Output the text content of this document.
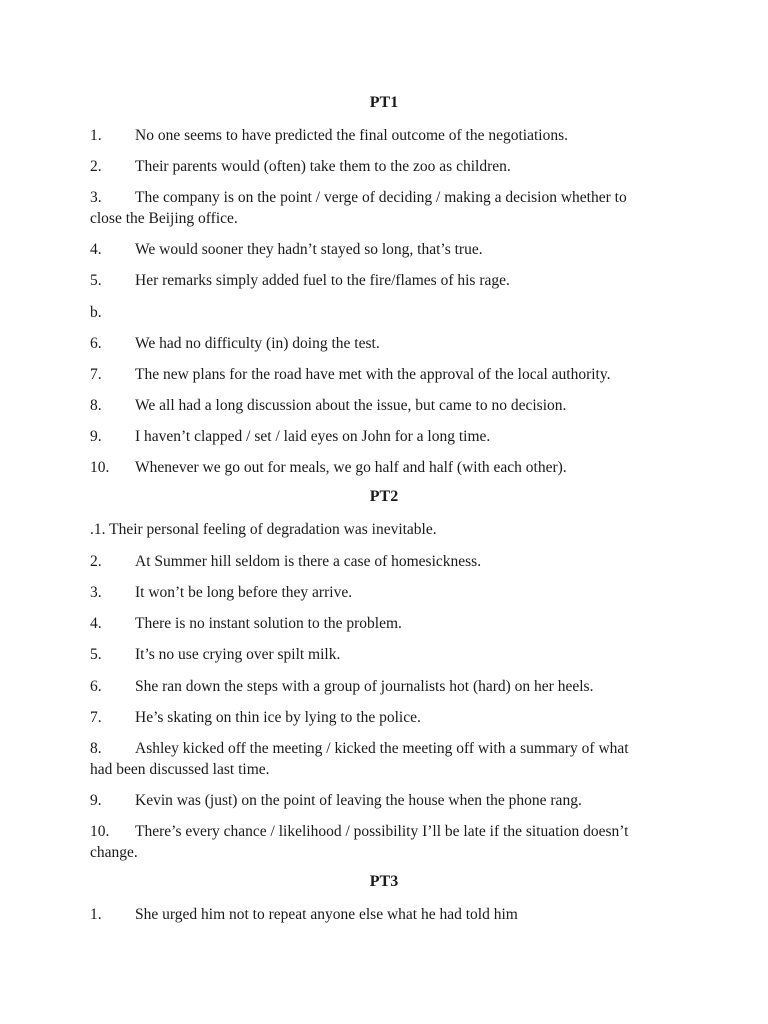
PT1
1. No one seems to have predicted the final outcome of the negotiations.
2. Their parents would (often) take them to the zoo as children.
3. The company is on the point / verge of deciding / making a decision whether to
close the Beijing office.
4. We would sooner they hadn’t stayed so long, that’s true.
5. Her remarks simply added fuel to the fire/flames of his rage.
b.
6. We had no difficulty (in) doing the test.
7. The new plans for the road have met with the approval of the local authority.
8. We all had a long discussion about the issue, but came to no decision.
9. I haven’t clapped / set / laid eyes on John for a long time.
10. Whenever we go out for meals, we go half and half (with each other).
PT2
.1. Their personal feeling of degradation was inevitable.
2. At Summer hill seldom is there a case of homesickness.
3. It won’t be long before they arrive.
4. There is no instant solution to the problem.
5. It’s no use crying over spilt milk.
6. She ran down the steps with a group of journalists hot (hard) on her heels.
7. He’s skating on thin ice by lying to the police.
8. Ashley kicked off the meeting / kicked the meeting off with a summary of what
had been discussed last time.
9. Kevin was (just) on the point of leaving the house when the phone rang.
10. There’s every chance / likelihood / possibility I’ll be late if the situation doesn’t
change.
PT3
1. She urged him not to repeat anyone else what he had told him
